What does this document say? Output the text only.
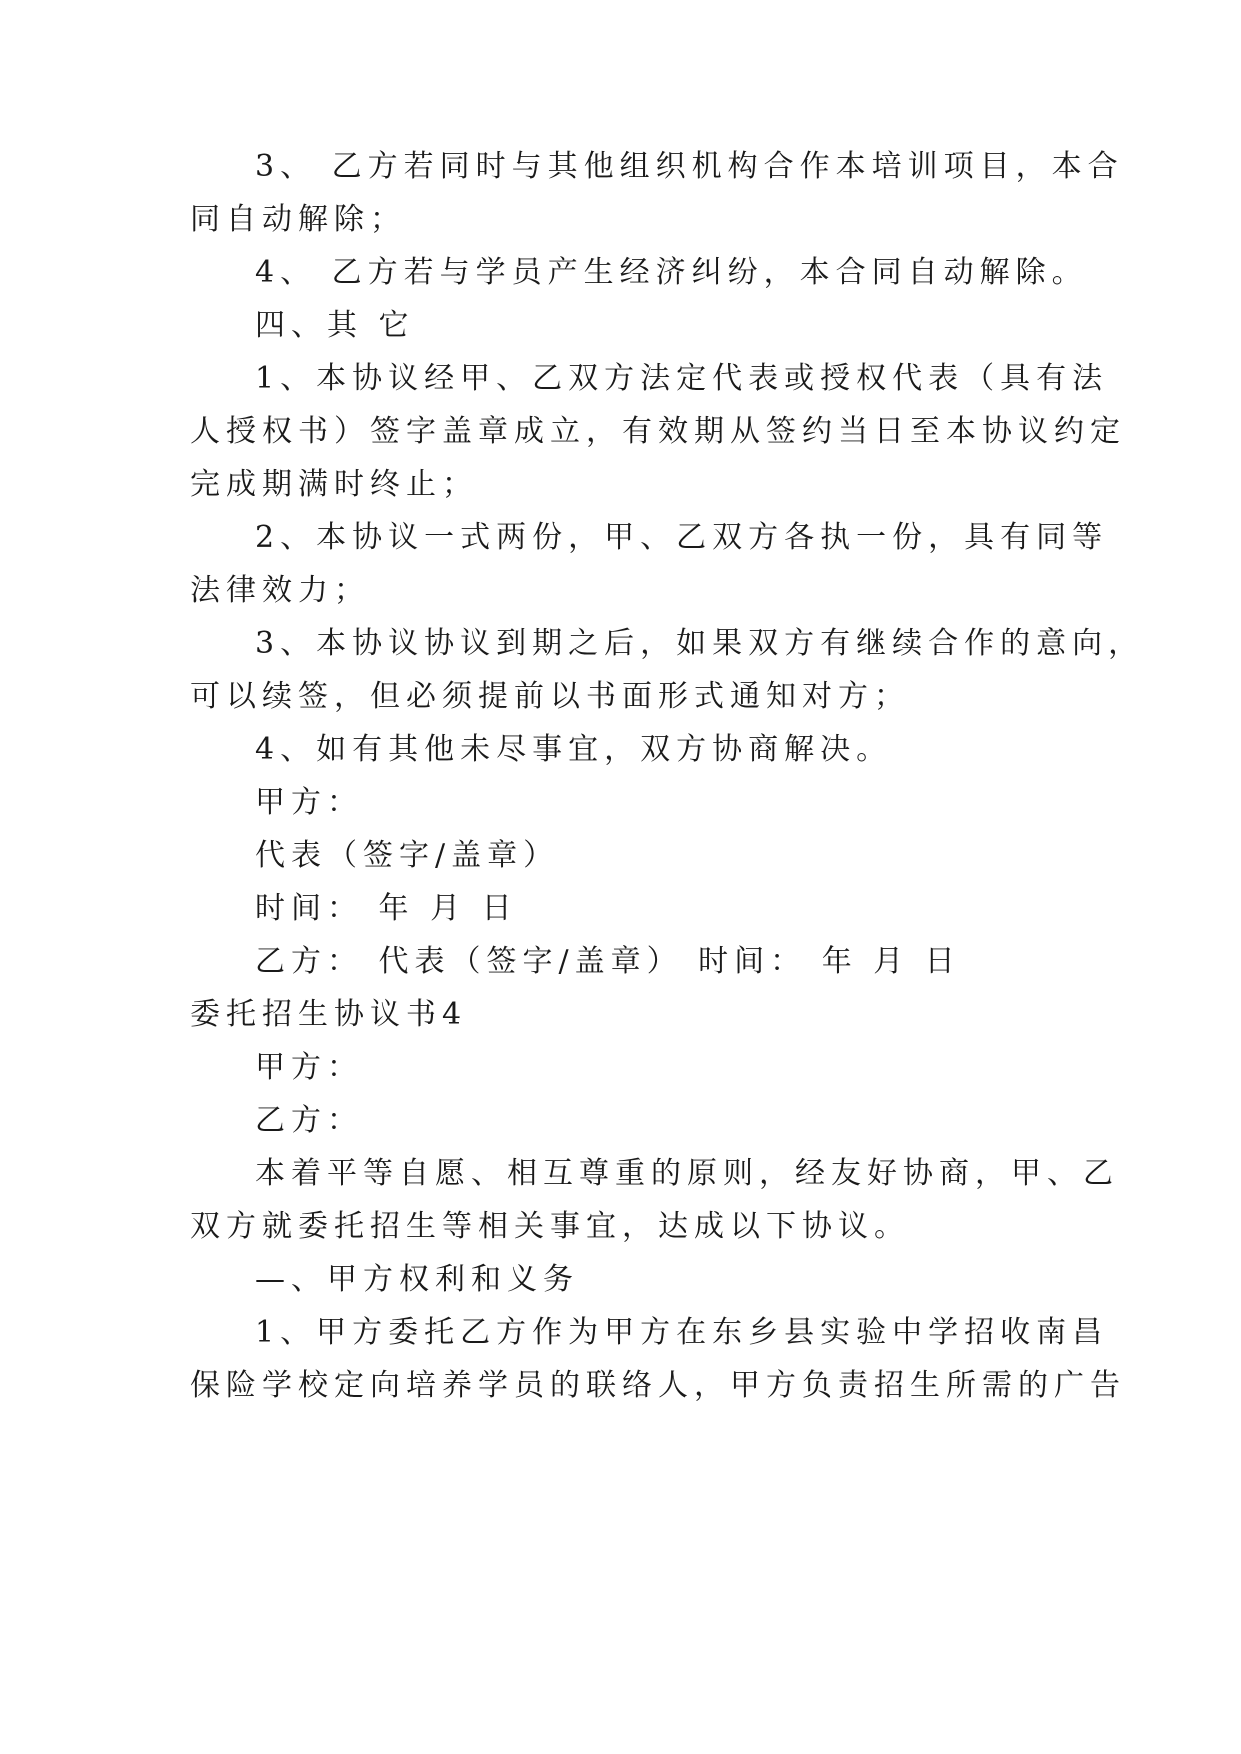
3、 乙方若同时与其他组织机构合作本培训项目，本合
同自动解除；
4、 乙方若与学员产生经济纠纷，本合同自动解除。
四、其 它
1、本协议经甲、乙双方法定代表或授权代表（具有法
人授权书）签字盖章成立，有效期从签约当日至本协议约定
完成期满时终止；
2、本协议一式两份，甲、乙双方各执一份，具有同等
法律效力；
3、本协议协议到期之后，如果双方有继续合作的意向，
可以续签，但必须提前以书面形式通知对方；
4、如有其他未尽事宜，双方协商解决。
甲方：
代表（签字/盖章）
时间： 年 月 日
乙方： 代表（签字/盖章） 时间： 年 月 日
委托招生协议书4
甲方：
乙方：
本着平等自愿、相互尊重的原则，经友好协商，甲、乙
双方就委托招生等相关事宜，达成以下协议。
—、甲方权利和义务
1、甲方委托乙方作为甲方在东乡县实验中学招收南昌
保险学校定向培养学员的联络人，甲方负责招生所需的广告
